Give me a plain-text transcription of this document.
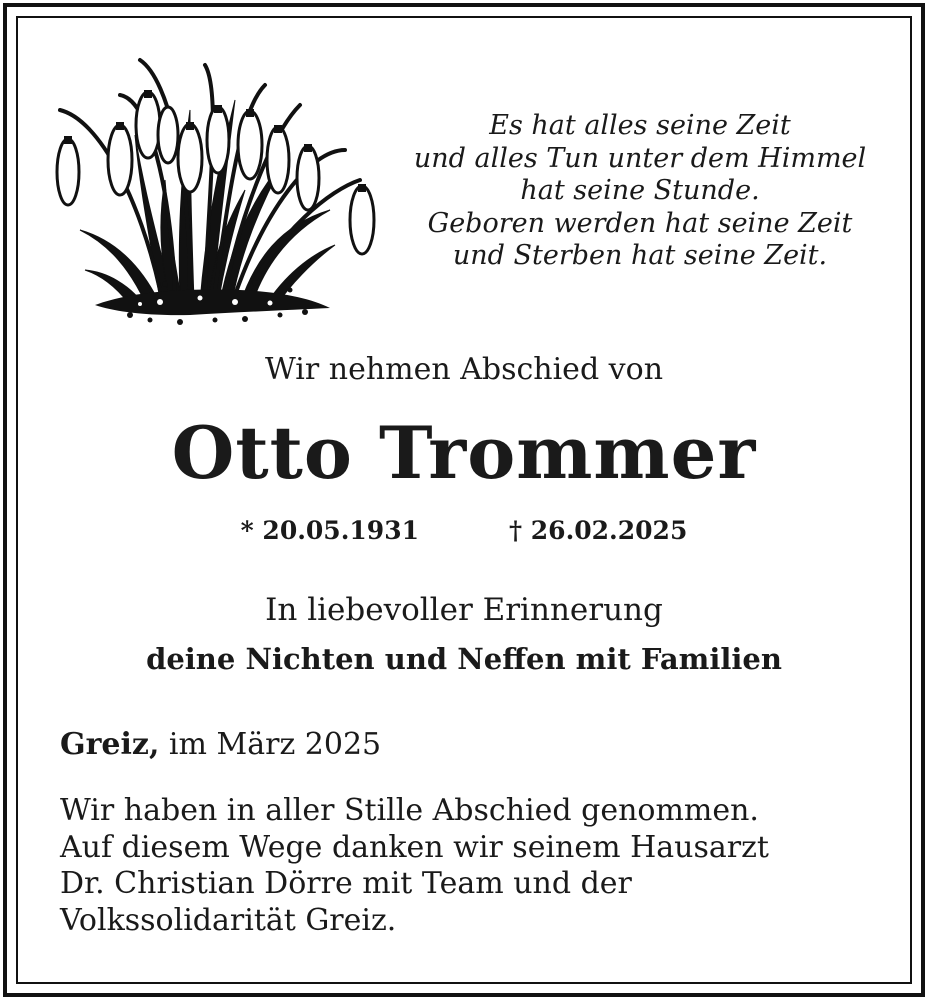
Es hat alles seine Zeit
und alles Tun unter dem Himmel
hat seine Stunde.
Geboren werden hat seine Zeit
und Sterben hat seine Zeit.
Wir nehmen Abschied von
Otto Trommer
* 20.05.1931	† 26.02.2025
In liebevoller Erinnerung
deine Nichten und Neffen mit Familien
Greiz, im März 2025
Wir haben in aller Stille Abschied genommen.
Auf diesem Wege danken wir seinem Hausarzt
Dr. Christian Dörre mit Team und der
Volkssolidarität Greiz.
